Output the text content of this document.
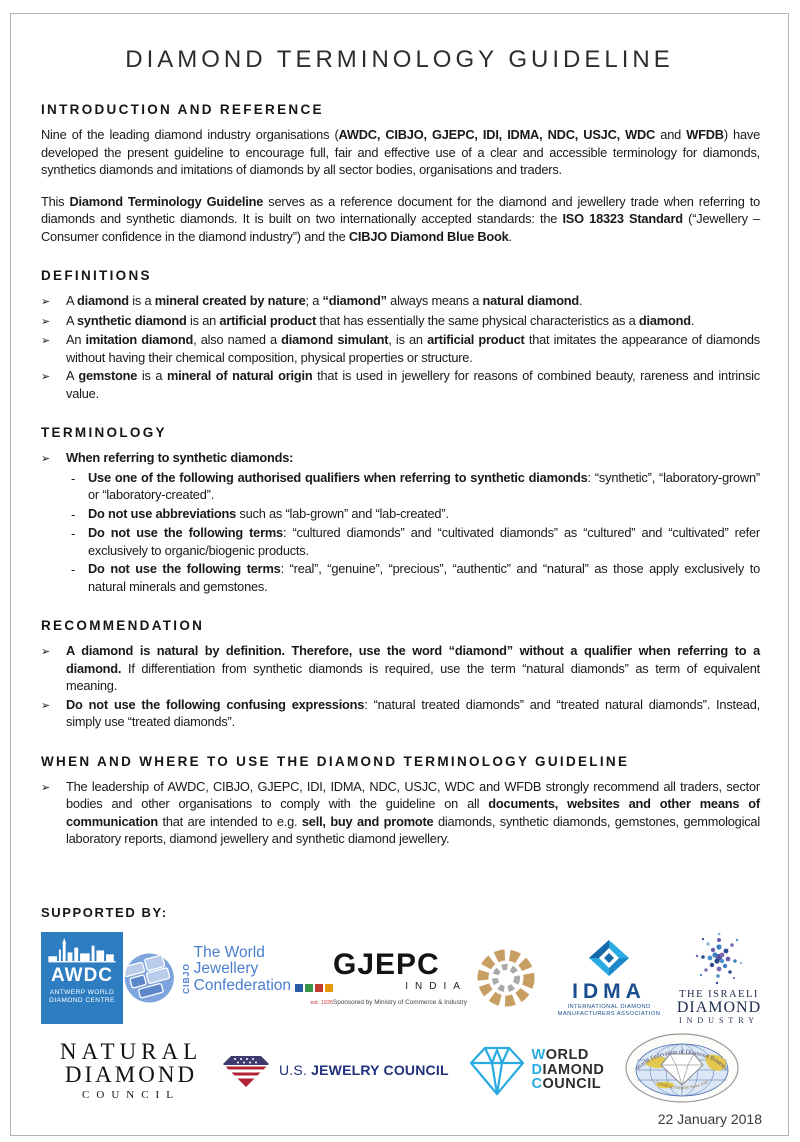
DIAMOND TERMINOLOGY GUIDELINE
INTRODUCTION AND REFERENCE

Nine of the leading diamond industry organisations (AWDC, CIBJO, GJEPC, IDI, IDMA, NDC, USJC, WDC and WFDB) have developed the present guideline to encourage full, fair and effective use of a clear and accessible terminology for diamonds, synthetics diamonds and imitations of diamonds by all sector bodies, organisations and traders.

This Diamond Terminology Guideline serves as a reference document for the diamond and jewellery trade when referring to diamonds and synthetic diamonds. It is built on two internationally accepted standards: the ISO 18323 Standard (“Jewellery – Consumer confidence in the diamond industry”) and the CIBJO Diamond Blue Book.

DEFINITIONS
➢	A diamond is a mineral created by nature; a “diamond” always means a natural diamond.
➢	A synthetic diamond is an artificial product that has essentially the same physical characteristics as a diamond.
➢	An imitation diamond, also named a diamond simulant, is an artificial product that imitates the appearance of diamonds without having their chemical composition, physical properties or structure.
➢	A gemstone is a mineral of natural origin that is used in jewellery for reasons of combined beauty, rareness and intrinsic value.
TERMINOLOGY
➢	When referring to synthetic diamonds:
-	Use one of the following authorised qualifiers when referring to synthetic diamonds: “synthetic”, “laboratory-grown” or “laboratory-created”.
-	Do not use abbreviations such as “lab-grown” and “lab-created”.
-	Do not use the following terms: “cultured diamonds” and “cultivated diamonds” as “cultured” and “cultivated” refer exclusively to organic/biogenic products.
-	Do not use the following terms: “real”, “genuine”, “precious”, “authentic” and “natural” as those apply exclusively to natural minerals and gemstones.
RECOMMENDATION
➢	A diamond is natural by definition. Therefore, use the word “diamond” without a qualifier when referring to a diamond. If differentiation from synthetic diamonds is required, use the term “natural diamonds” as term of equivalent meaning.
➢	Do not use the following confusing expressions: “natural treated diamonds” and “treated natural diamonds”. Instead, simply use “treated diamonds”.
WHEN AND WHERE TO USE THE DIAMOND TERMINOLOGY GUIDELINE
➢	The leadership of AWDC, CIBJO, GJEPC, IDI, IDMA, NDC, USJC, WDC and WFDB strongly recommend all traders, sector bodies and other organisations to comply with the guideline on all documents, websites and other means of communication that are intended to e.g. sell, buy and promote diamonds, synthetic diamonds, gemstones, gemmological laboratory reports, diamond jewellery and synthetic diamond jewellery.
SUPPORTED BY:
AWDC
ANTWERP WORLD DIAMOND CENTRE
CIBJO
The World Jewellery
Confederation
est. 1926
GJEPC
INDIA
Sponsored by Ministry of Commerce & Industry	IDMA
INTERNATIONAL DIAMOND MANUFACTURERS ASSOCIATION
THE ISRAELI
DIAMOND
INDUSTRY
NATURAL
DIAMOND
COUNCIL
U.S. JEWELRY COUNCIL
WORLD
DIAMOND
COUNCIL
World Federation of Diamond Bourses
Upholding Integrity Since 1947
22 January 2018
